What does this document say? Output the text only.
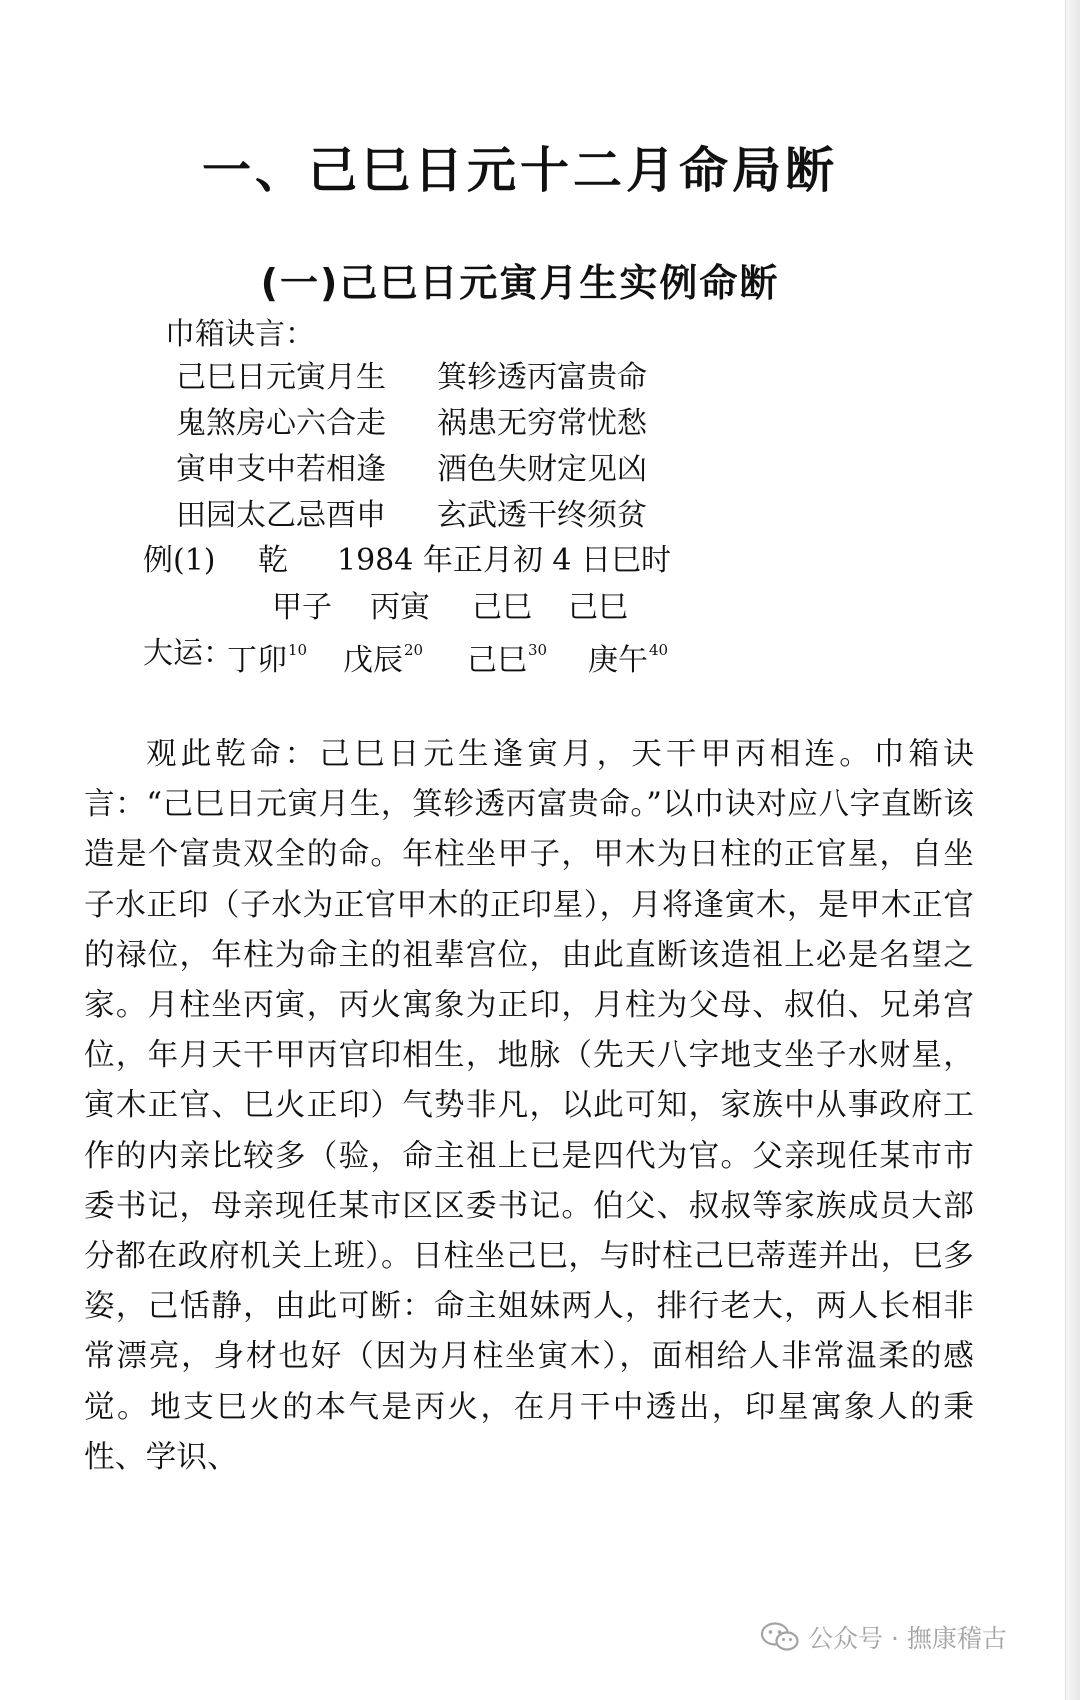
一、己巳日元十二月命局断
(一)己巳日元寅月生实例命断
巾箱诀言：
己巳日元寅月生 箕轸透丙富贵命
鬼煞房心六合走 祸患无穷常忧愁
寅申支中若相逢 酒色失财定见凶
田园太乙忌酉申 玄武透干终须贫
例(1) 乾 1984 年正月初 4 日巳时
甲子 丙寅 己巳 己巳
大运：
丁卯$^{10}$ 戊辰$^{20}$ 己巳$^{30}$ 庚午$^{40}$

观此乾命：己巳日元生逢寅月，天干甲丙相连。巾箱诀言：“己巳日元寅月生，箕轸透丙富贵命。”以巾诀对应八字直断该造是个富贵双全的命。年柱坐甲子，甲木为日柱的正官星，自坐子水正印（子水为正官甲木的正印星），月将逢寅木，是甲木正官的禄位，年柱为命主的祖辈宫位，由此直断该造祖上必是名望之家。月柱坐丙寅，丙火寓象为正印，月柱为父母、叔伯、兄弟宫位，年月天干甲丙官印相生，地脉（先天八字地支坐子水财星，寅木正官、巳火正印）气势非凡，以此可知，家族中从事政府工作的内亲比较多（验，命主祖上已是四代为官。父亲现任某市市委书记，母亲现任某市区区委书记。伯父、叔叔等家族成员大部分都在政府机关上班）。日柱坐己巳，与时柱己巳蒂莲并出，巳多姿，己恬静，由此可断：命主姐妹两人，排行老大，两人长相非常漂亮，身材也好（因为月柱坐寅木），面相给人非常温柔的感觉。地支巳火的本气是丙火，在月干中透出，印星寓象人的秉性、学识、

公众号 · 撫康稽古
